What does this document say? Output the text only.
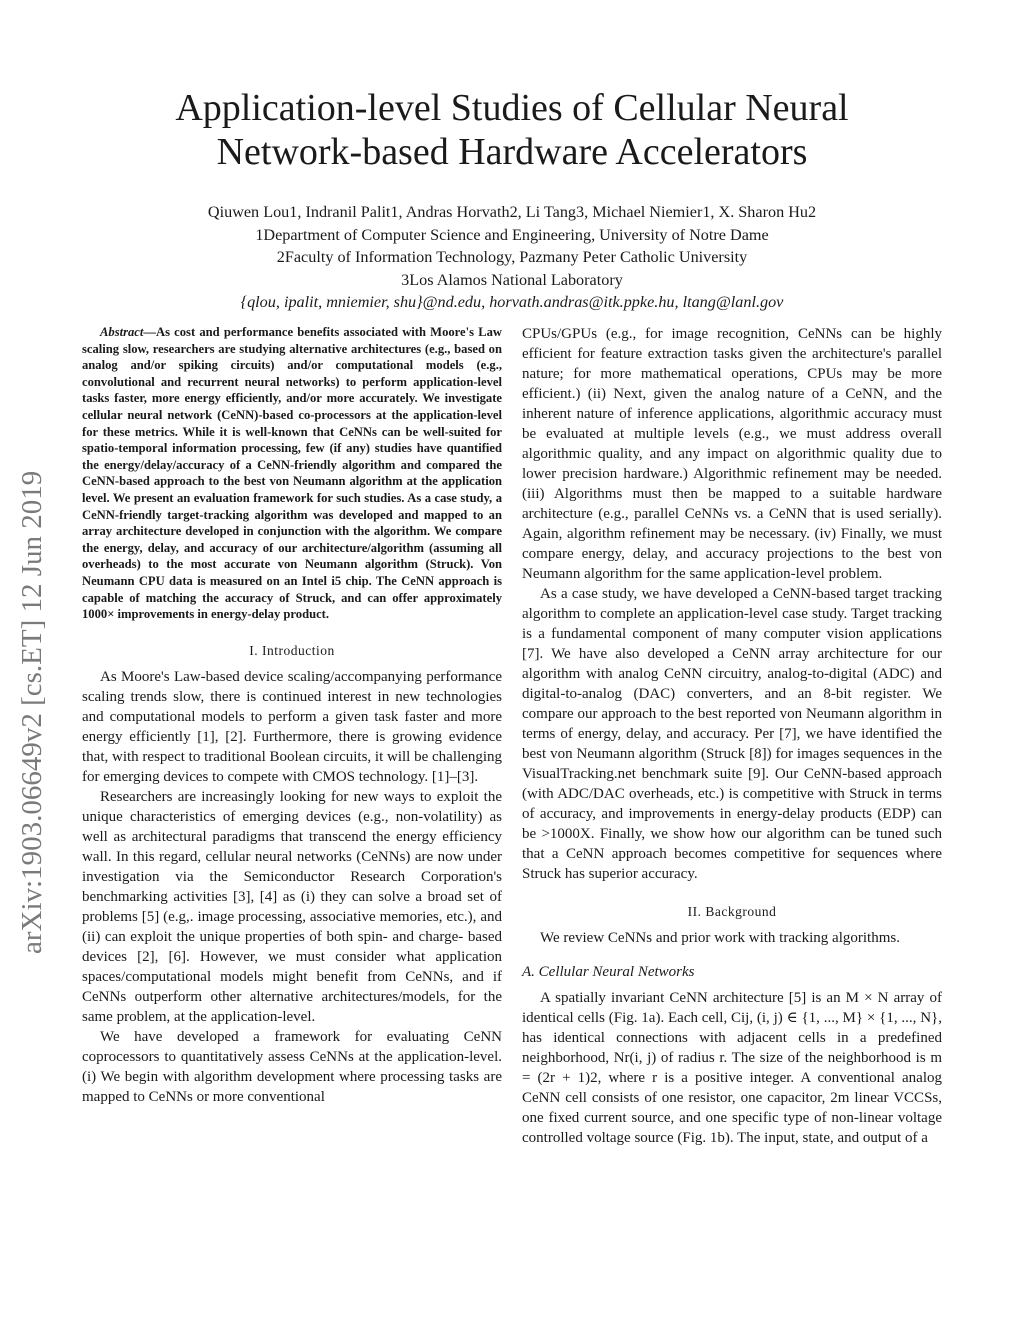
arXiv:1903.06649v2 [cs.ET] 12 Jun 2019
Application-level Studies of Cellular Neural Network-based Hardware Accelerators
Qiuwen Lou1, Indranil Palit1, Andras Horvath2, Li Tang3, Michael Niemier1, X. Sharon Hu2
1Department of Computer Science and Engineering, University of Notre Dame
2Faculty of Information Technology, Pazmany Peter Catholic University
3Los Alamos National Laboratory
{qlou, ipalit, mniemier, shu}@nd.edu, horvath.andras@itk.ppke.hu, ltang@lanl.gov

Abstract—As cost and performance benefits associated with Moore's Law scaling slow, researchers are studying alternative architectures (e.g., based on analog and/or spiking circuits) and/or computational models (e.g., convolutional and recurrent neural networks) to perform application-level tasks faster, more energy efficiently, and/or more accurately. We investigate cellular neural network (CeNN)-based co-processors at the application-level for these metrics. While it is well-known that CeNNs can be well-suited for spatio-temporal information processing, few (if any) studies have quantified the energy/delay/accuracy of a CeNN-friendly algorithm and compared the CeNN-based approach to the best von Neumann algorithm at the application level. We present an evaluation framework for such studies. As a case study, a CeNN-friendly target-tracking algorithm was developed and mapped to an array architecture developed in conjunction with the algorithm. We compare the energy, delay, and accuracy of our architecture/algorithm (assuming all overheads) to the most accurate von Neumann algorithm (Struck). Von Neumann CPU data is measured on an Intel i5 chip. The CeNN approach is capable of matching the accuracy of Struck, and can offer approximately 1000× improvements in energy-delay product.

I. Introduction

As Moore's Law-based device scaling/accompanying performance scaling trends slow, there is continued interest in new technologies and computational models to perform a given task faster and more energy efficiently [1], [2]. Furthermore, there is growing evidence that, with respect to traditional Boolean circuits, it will be challenging for emerging devices to compete with CMOS technology. [1]–[3].

Researchers are increasingly looking for new ways to exploit the unique characteristics of emerging devices (e.g., non-volatility) as well as architectural paradigms that transcend the energy efficiency wall. In this regard, cellular neural networks (CeNNs) are now under investigation via the Semiconductor Research Corporation's benchmarking activities [3], [4] as (i) they can solve a broad set of problems [5] (e.g,. image processing, associative memories, etc.), and (ii) can exploit the unique properties of both spin- and charge- based devices [2], [6]. However, we must consider what application spaces/computational models might benefit from CeNNs, and if CeNNs outperform other alternative architectures/models, for the same problem, at the application-level.

We have developed a framework for evaluating CeNN coprocessors to quantitatively assess CeNNs at the application-level. (i) We begin with algorithm development where processing tasks are mapped to CeNNs or more conventional

CPUs/GPUs (e.g., for image recognition, CeNNs can be highly efficient for feature extraction tasks given the architecture's parallel nature; for more mathematical operations, CPUs may be more efficient.) (ii) Next, given the analog nature of a CeNN, and the inherent nature of inference applications, algorithmic accuracy must be evaluated at multiple levels (e.g., we must address overall algorithmic quality, and any impact on algorithmic quality due to lower precision hardware.) Algorithmic refinement may be needed. (iii) Algorithms must then be mapped to a suitable hardware architecture (e.g., parallel CeNNs vs. a CeNN that is used serially). Again, algorithm refinement may be necessary. (iv) Finally, we must compare energy, delay, and accuracy projections to the best von Neumann algorithm for the same application-level problem.

As a case study, we have developed a CeNN-based target tracking algorithm to complete an application-level case study. Target tracking is a fundamental component of many computer vision applications [7]. We have also developed a CeNN array architecture for our algorithm with analog CeNN circuitry, analog-to-digital (ADC) and digital-to-analog (DAC) converters, and an 8-bit register. We compare our approach to the best reported von Neumann algorithm in terms of energy, delay, and accuracy. Per [7], we have identified the best von Neumann algorithm (Struck [8]) for images sequences in the VisualTracking.net benchmark suite [9]. Our CeNN-based approach (with ADC/DAC overheads, etc.) is competitive with Struck in terms of accuracy, and improvements in energy-delay products (EDP) can be >1000X. Finally, we show how our algorithm can be tuned such that a CeNN approach becomes competitive for sequences where Struck has superior accuracy.

II. Background

We review CeNNs and prior work with tracking algorithms.

A. Cellular Neural Networks

A spatially invariant CeNN architecture [5] is an M × N array of identical cells (Fig. 1a). Each cell, Cij, (i, j) ∈ {1, ..., M} × {1, ..., N}, has identical connections with adjacent cells in a predefined neighborhood, Nr(i, j) of radius r. The size of the neighborhood is m = (2r + 1)2, where r is a positive integer. A conventional analog CeNN cell consists of one resistor, one capacitor, 2m linear VCCSs, one fixed current source, and one specific type of non-linear voltage controlled voltage source (Fig. 1b). The input, state, and output of a
